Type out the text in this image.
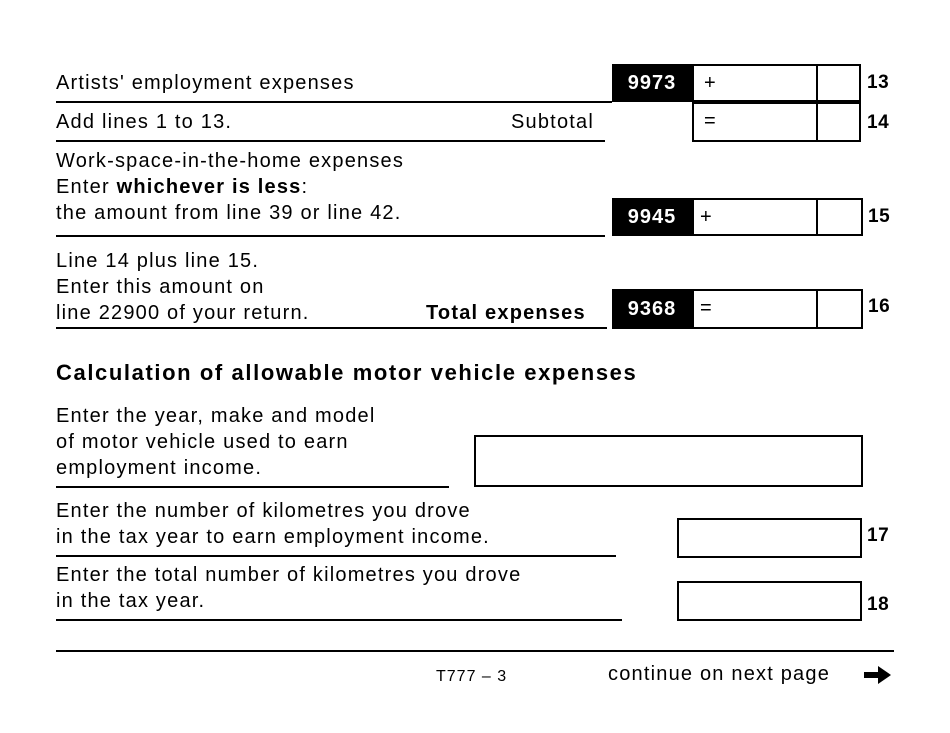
Artists' employment expenses	9973	+	13
Add lines 1 to 13.	Subtotal	=	14
Work-space-in-the-home expenses
Enter whichever is less:
the amount from line 39 or line 42.	9945	+	15
Line 14 plus line 15.
Enter this amount on
line 22900 of your return.	Total expenses	9368	=	16
Calculation of allowable motor vehicle expenses
Enter the year, make and model
of motor vehicle used to earn
employment income.
Enter the number of kilometres you drove
in the tax year to earn employment income.	17
Enter the total number of kilometres you drove
in the tax year.	18
T777 – 3	continue on next page
